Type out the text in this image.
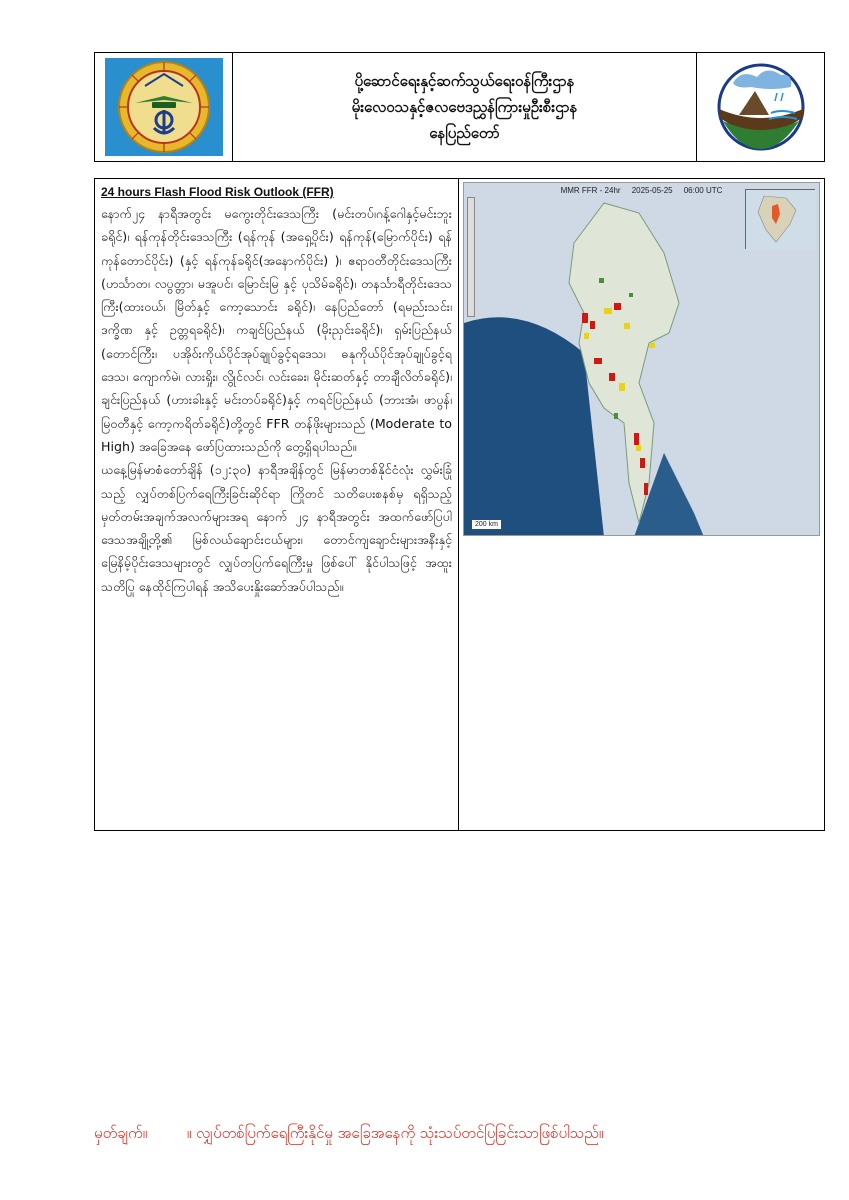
ပို့ဆောင်ရေးနှင့်ဆက်သွယ်ရေးဝန်ကြီးဌာန
မိုးလေဝသနှင့်ဇလဗေဒညွှန်ကြားမှုဦးစီးဌာန
နေပြည်တော်
24 hours Flash Flood Risk Outlook (FFR)
နောက်၂၄ နာရီအတွင်း မကွေးတိုင်းဒေသကြီး (မင်းတပ်၊ဂန့်ဂေါနှင့်မင်းဘူးခရိုင်)၊ ရန်ကုန်တိုင်းဒေသကြီး (ရန်ကုန် (အရှေ့ပိုင်း) ရန်ကုန်(မြောက်ပိုင်း) ရန်ကုန်တောင်ပိုင်း) (နှင့် ရန်ကုန်ခရိုင်(အနောက်ပိုင်း) )၊ ဧရာဝတီတိုင်းဒေသကြီး (ဟင်္သာတ၊ လပွတ္တာ၊ မအူပင်၊ မြောင်းမြ နှင့် ပုသိမ်ခရိုင်)၊ တနင်္သာရီတိုင်းဒေသကြီး(ထားဝယ်၊ မြိတ်နှင့် ကော့သောင်း ခရိုင်)၊ နေပြည်တော် (ရမည်းသင်း၊ ဒက္ခိဏ နှင့် ဥတ္တရခရိုင်)၊ ကချင်ပြည်နယ် (မိုးညှင်းခရိုင်)၊ ရှမ်းပြည်နယ် (တောင်ကြီး၊ ပအိုဝ်းကိုယ်ပိုင်အုပ်ချုပ်ခွင့်ရဒေသ၊ ဓနုကိုယ်ပိုင်အုပ်ချုပ်ခွင့်ရ ဒေသ၊ ကျောက်မဲ၊ လားရှိုး၊ လွိုင်လင်၊ လင်းခေး၊ မိုင်းဆတ်နှင့် တာချီလိတ်ခရိုင်)၊ ချင်းပြည်နယ် (ဟားခါးနှင့် မင်းတပ်ခရိုင်)နှင့် ကရင်ပြည်နယ် (ဘားအံ၊ ဖာပွန်၊ မြဝတီနှင့် ကော့ကရိတ်ခရိုင်)တို့တွင် FFR တန်ဖိုးများသည် (Moderate to High) အခြေအနေ ဖော်ပြထားသည်ကို တွေ့ရှိရပါသည်။
ယနေ့မြန်မာစံတော်ချိန် (၁၂:၃၀) နာရီအချိန်တွင် မြန်မာတစ်နိုင်ငံလုံး လွှမ်းခြုံသည့် လျှပ်တစ်ပြက်ရေကြီးခြင်းဆိုင်ရာ ကြိုတင် သတိပေးစနစ်မှ ရရှိသည့် မှတ်တမ်းအချက်အလက်များအရ နောက် ၂၄ နာရီအတွင်း အထက်ဖော်ပြပါ ဒေသအချို့တို့၏ မြစ်လယ်ချောင်းငယ်များ၊ တောင်ကျချောင်းများအနီးနှင့် မြေနိမ့်ပိုင်းဒေသများတွင် လျှပ်တပြက်ရေကြီးမှု ဖြစ်ပေါ် နိုင်ပါသဖြင့် အထူးသတိပြု နေထိုင်ကြပါရန် အသိပေးနှိုးဆော်အပ်ပါသည်။
MMR FFR - 24hr 2025-05-25 06:00 UTC
200 km
မှတ်ချက်။	။ လျှပ်တစ်ပြက်ရေကြီးနိုင်မှု အခြေအနေကို သုံးသပ်တင်ပြခြင်းသာဖြစ်ပါသည်။
